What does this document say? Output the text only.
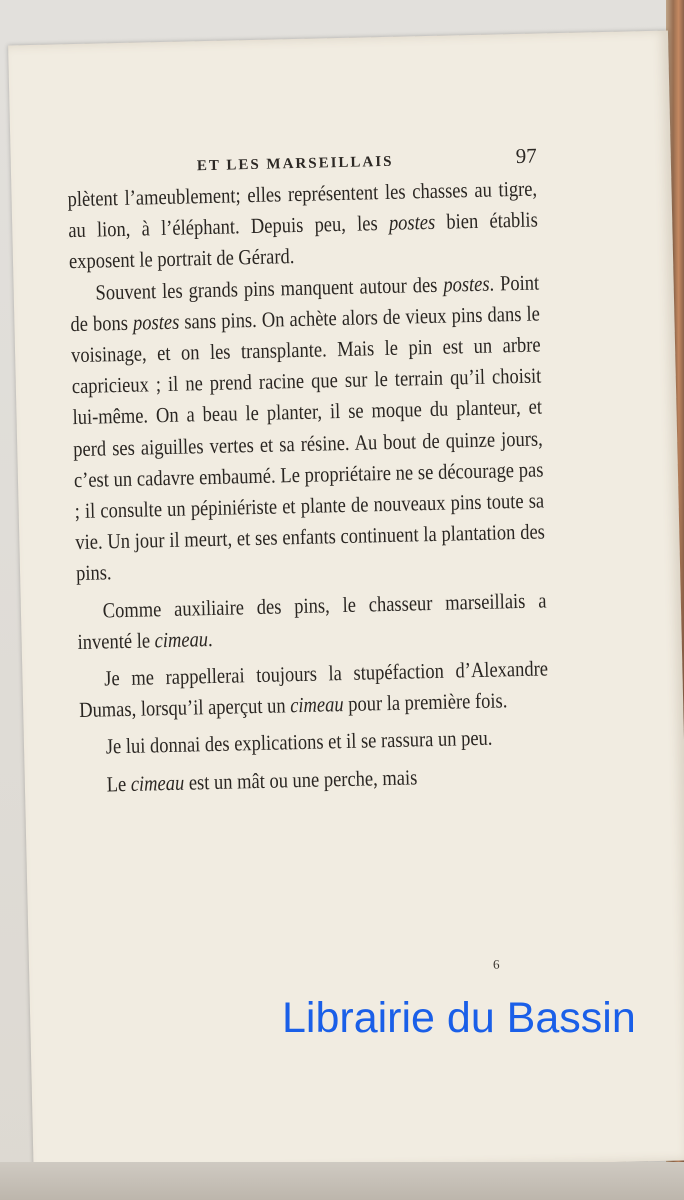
ET LES MARSEILLAIS	97

plètent l’ameublement; elles représentent les chasses au tigre, au lion, à l’éléphant. Depuis peu, les postes bien établis exposent le portrait de Gérard.

Souvent les grands pins manquent autour des postes. Point de bons postes sans pins. On achète alors de vieux pins dans le voisinage, et on les transplante. Mais le pin est un arbre capricieux ; il ne prend racine que sur le terrain qu’il choisit lui-même. On a beau le planter, il se moque du planteur, et perd ses aiguilles vertes et sa résine. Au bout de quinze jours, c’est un cadavre embaumé. Le propriétaire ne se décourage pas ; il consulte un pépiniériste et plante de nouveaux pins toute sa vie. Un jour il meurt, et ses enfants continuent la plantation des pins.

Comme auxiliaire des pins, le chasseur marseillais a inventé le cimeau.

Je me rappellerai toujours la stupéfaction d’Alexandre Dumas, lorsqu’il aperçut un cimeau pour la première fois.

Je lui donnai des explications et il se rassura un peu.

Le cimeau est un mât ou une perche, mais

6
Librairie du Bassin
